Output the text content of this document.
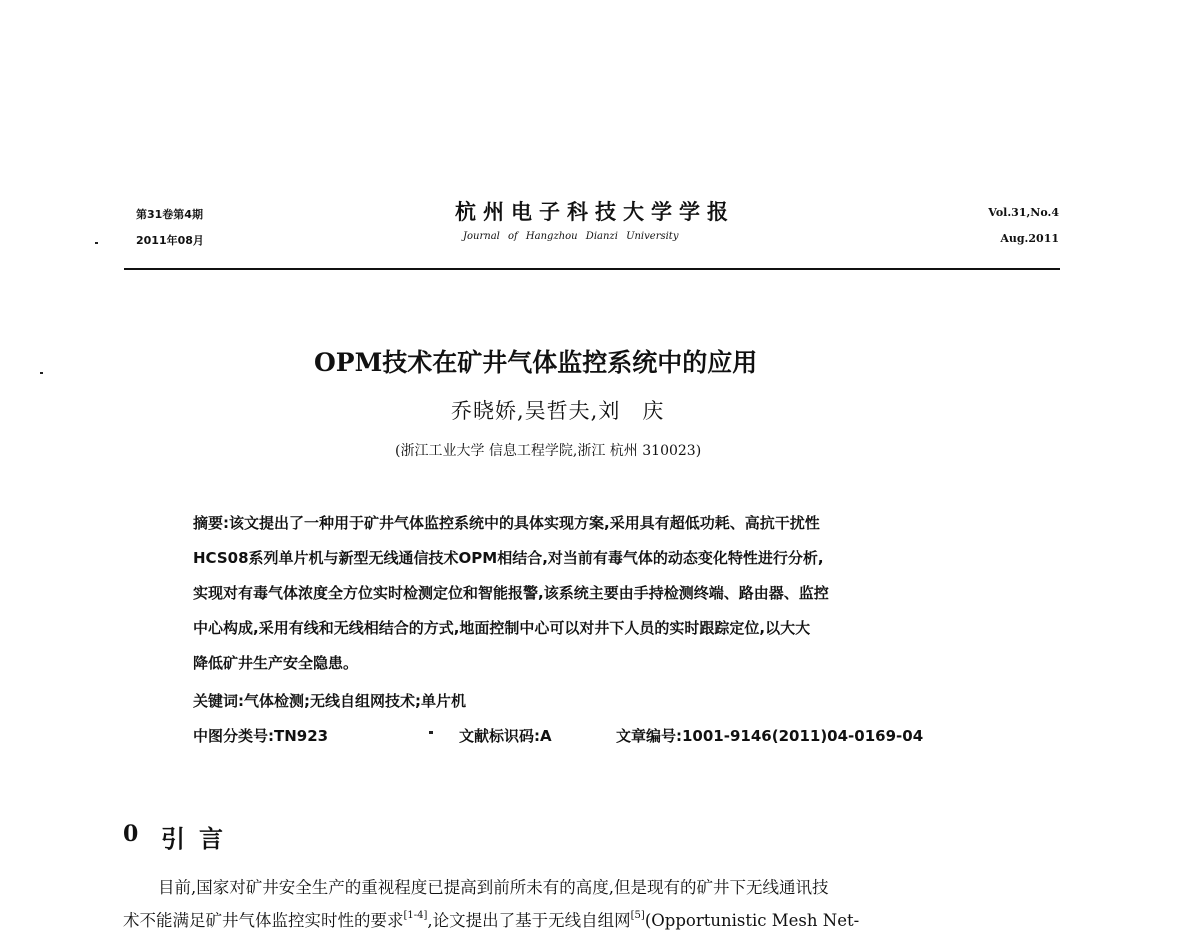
第31卷第4期
2011年08月
杭州电子科技大学学报
Journal of Hangzhou Dianzi University
Vol.31,No.4
Aug.2011
OPM技术在矿井气体监控系统中的应用
乔晓娇,吴哲夫,刘　庆
(浙江工业大学 信息工程学院,浙江 杭州 310023)
摘要:该文提出了一种用于矿井气体监控系统中的具体实现方案,采用具有超低功耗、高抗干扰性
HCS08系列单片机与新型无线通信技术OPM相结合,对当前有毒气体的动态变化特性进行分析,
实现对有毒气体浓度全方位实时检测定位和智能报警,该系统主要由手持检测终端、路由器、监控
中心构成,采用有线和无线相结合的方式,地面控制中心可以对井下人员的实时跟踪定位,以大大
降低矿井生产安全隐患。
关键词:气体检测;无线自组网技术;单片机
中图分类号:TN923	文献标识码:A	文章编号:1001-9146(2011)04-0169-04
0 引言
目前,国家对矿井安全生产的重视程度已提高到前所未有的高度,但是现有的矿井下无线通讯技
术不能满足矿井气体监控实时性的要求[1-4],论文提出了基于无线自组网[5](Opportunistic Mesh Net-
